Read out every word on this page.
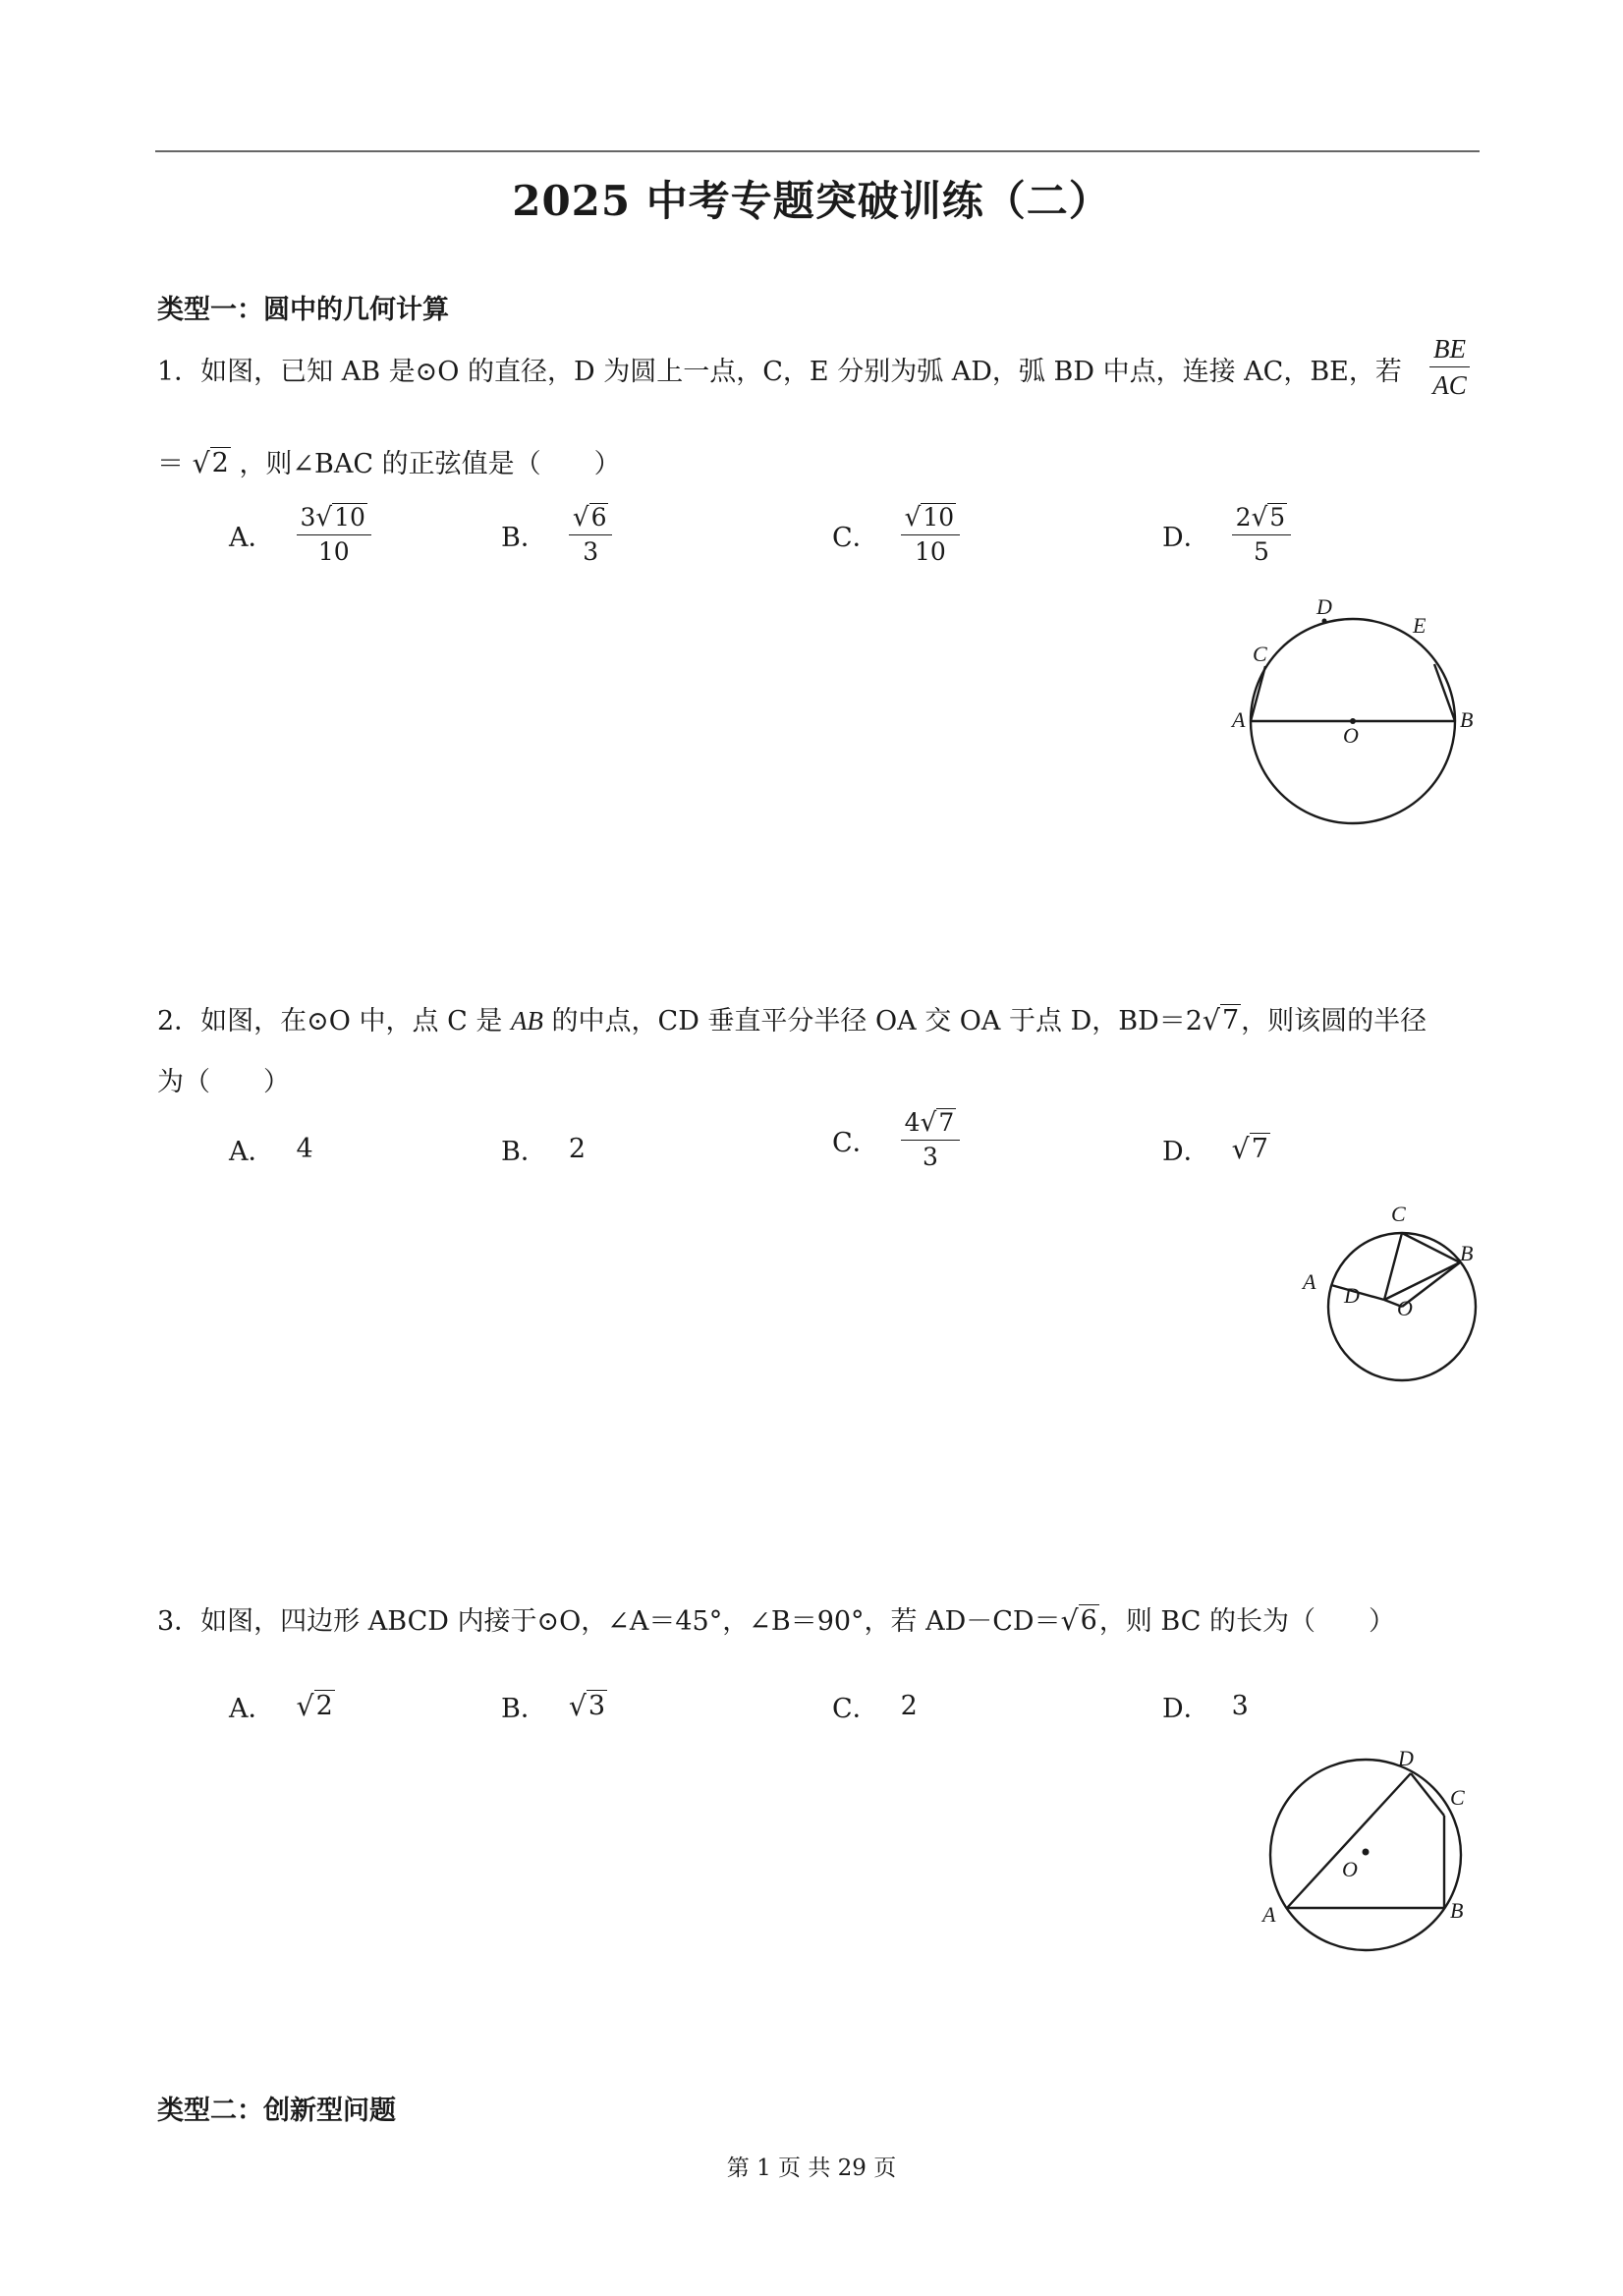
2025 中考专题突破训练（二）
类型一：圆中的几何计算
1．如图，已知 AB 是⊙O 的直径，D 为圆上一点，C，E 分别为弧 AD，弧 BD 中点，连接 AC，BE，若 $\frac{BE}{AC}$
＝ √ 2 ，则∠BAC 的正弦值是（　　）
A． $\frac{3 √ 10}{10}$	B． $\frac{√ 6}{3}$	C． $\frac{√ 10}{10}$	D． $\frac{2 √ 5}{5}$
A	B
C
D
E
O
2．如图，在⊙O 中，点 C 是 AB 的中点，CD 垂直平分半径 OA 交 OA 于点 D，BD＝2 √ 7 ，则该圆的半径
为（　　）
A． 4	B． 2	C． $\frac{4 √ 7}{3}$	D． √ 7
A
B
C
D
O
3．如图，四边形 ABCD 内接于⊙O，∠A＝45°，∠B＝90°，若 AD－CD＝ √ 6 ，则 BC 的长为（　　）
A． √ 2	B． √ 3	C． 2	D． 3
A	B
C
D
O
类型二：创新型问题
第 1 页 共 29 页
